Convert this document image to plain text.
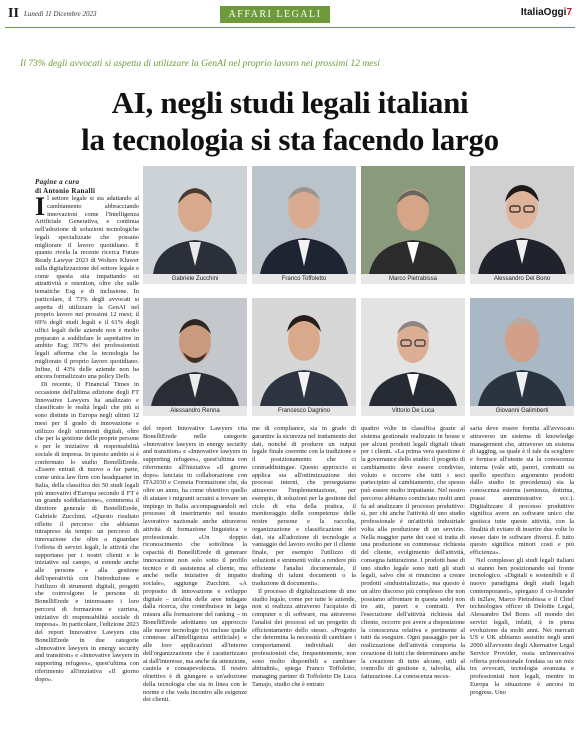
II Lunedì 11 Dicembre 2023	AFFARI LEGALI	ItaliaOggi7
Il 73% degli avvocati si aspetta di utilizzare la GenAI nel proprio lavoro nei prossimi 12 mesi
AI, negli studi legali italiani
la tecnologia si sta facendo largo
Pagine a cura
di Antonio Ranalli

Il settore legale si sta adattando al cambiamento abbracciando innovazioni come l'Intelligenza Artificiale Generativa, e continua nell'adozione di soluzioni tecnologiche legali specializzate che possano migliorare il lavoro quotidiano. È quanto rivela la recente ricerca Future Ready Lawyer 2023 di Wolters Kluwer sulla digitalizzazione del settore legale e come questa stia impattando su attrattività e retention, oltre che sulle tematiche Esg e di inclusione. In particolare, il 73% degli avvocati si aspetta di utilizzare la GenAI nel proprio lavoro nei prossimi 12 mesi; il 69% degli studi legali e il 61% degli uffici legali delle aziende non è molto preparato a soddisfare le aspettative in ambito Esg; l'87% dei professionisti legali afferma che la tecnologia ha migliorato il proprio lavoro quotidiano. Infine, il 43% delle aziende non ha ancora formalizzato una policy DeIb.

Di recente, il Financial Times in occasione dell'ultima edizione degli FT Innovative Lawyers ha analizzato e classificato le realtà legali che più si sono distinte in Europa negli ultimi 12 mesi per il grado di innovazione e utilizzo degli strumenti digitali, oltre che per la gestione delle proprie persone e per le iniziative di responsabilità sociale di impresa. In questo ambito si è confermato lo studio BonelliErede. «Essere entrati di nuovo a far parte, come unica law firm con headquarter in Italia, della classifica dei 50 studi legali più innovativi d'Europa secondo il FT è un grande soddisfazione», commenta il direttore generale di BonelliErede, Gabriele Zucchini. «Questo risultato riflette il percorso che abbiamo intrapreso da tempo: un percorso di innovazione che oltre a riguardare l'offerta di servizi legali, le attività che supportano per i nostri clienti e le iniziative sul campo, si estende anche alle persone e alla gestione dell'operatività con l'introduzione e l'utilizzo di strumenti digitali, progetti che coinvolgono le persone di BonelliErede e interessano i loro percorsi di formazione e carriera, iniziative di responsabilità sociale di impresa». In particolare, l'edizione 2023 del report Innovative Lawyers cita BonelliErede in due categorie «Innovative lawyers in energy security and transition» e «Innovative lawyers in supporting refugees», quest'ultima con riferimento all'iniziativa «Il giorno dopo».

Gabriele Zucchini	Franco Toffoletto	Marco Pietrabissa	Alessandro Del Bono
Alessandro Renna	Francesco Dagnino	Vittorio De Luca	Giovanni Galimberti

del report Innovative Lawyers cita BonelliErede nelle categorie «Innovative lawyers in energy security and transition» e «Innovative lawyers in supporting refugees», quest'ultima con riferimento all'iniziativa «Il giorno dopo» lanciata in collaborazione con ITA2030 e Cometa Formazione che, da oltre un anno, ha come obiettivo quello di aiutare i migranti ucraini a trovare un impiego in Italia accompagnandoli nel processo di inserimento nel tessuto lavorativo nazionale anche attraverso attività di formazione linguistica e professionale. «Un doppio riconoscimento che sottolinea la capacità di BonelliErede di generare innovazione non solo sotto il profilo tecnico e di assistenza al cliente, ma anche nelle iniziative di impatto sociale», aggiunge Zucchini. «A proposito di innovazione e sviluppo digitale – un'altra delle aree indagate dalla ricerca, che contribuisce in larga misura alla formazione del ranking – in BonelliErede adottiamo un approccio alle nuove tecnologie (vi incluse quelle connesse all'intelligenza artificiale) e alle loro applicazioni all'interno dell'organizzazione che è caratterizzato ai dall'interesse, ma anche da attenzione, cautela e consapevolezza. Il nostro obiettivo è di giungere a un'adozione della tecnologia che sia in linea con le norme e che vada incontro alle esigenze dei clienti.

me di compliance, sia in grado di garantire la sicurezza nel trattamento dei dati, nonché di produrre un output legale finale coerente con la tradizione e il posizionamento che ci contraddistingue. Questo approccio si applica sia all'ottimizzazione dei processi interni, che perseguiamo attraverso l'implementazione, per esempio, di soluzioni per la gestione del ciclo di vita della pratica, il monitoraggio delle competenze delle nostre persone e la raccolta, organizzazione e classificazione dei dati, sia all'adozione di tecnologie a vantaggio del lavoro svolto per il cliente finale, per esempio l'utilizzo di soluzioni e strumenti volte a rendere più efficiente l'analisi documentale, il drafting di taluni documenti o la traduzione di documenti».

Il processo di digitalizzazione di uno studio legale, come per tutte le aziende, non si realizza attraverso l'acquisto di computer e di software, ma attraverso l'analisi dei processi ed un progetto di efficientamento dello stesso. «Progetto che determina la necessità di cambiare i comportamenti individuali dei professionisti che, frequentemente, non sono molto disponibili a cambiare abitudini», spiega Franco Toffoletto, managing partner di Toffoletto De Luca Tamajo, studio che è entrato

quattro volte in classifica grazie al sistema gestionale realizzato in house e per alcuni prodotti legali digitali ideati per i clienti. «La prima vera questione è la governance dello studio: il progetto di cambiamento deve essere condiviso, voluto e occorre che tutti i soci partecipino al cambiamento, che spesso può essere molto impattante. Nel nostro percorso abbiamo cominciato molti anni fa ad analizzare il processo produttivo: sì, per chi anche l'attività di uno studio professionale è un'attività industriale volta alla produzione di un servizio. Nella maggior parte dei casi si tratta di una produzione su commessa: richiesta del cliente, svolgimento dell'attività, consegna fatturazione. I prodotti base di uno studio legale sono tutti gli studi legali, salvo che si rinuncino a creare prodotti «industrializzati», ma questo è un altro discorso più complesso che non possiamo affrontare in questa sede) non tre atti, pareri e contratti. Per l'esecuzione dell'attività richiesta dal cliente, occorre poi avere a disposizione la conoscenza relativa e pertinente al tutti da eseguire. Ogni passaggio per la realizzazione dell'attività comporta la creazione di tutti che determinano anche la creazione di tutto alcune, utili al controllo di gestione e, talvolta, alla fatturazione. La conoscenza neces-

saria deve essere fornita all'avvocato attraverso un sistema di knowledge management che, attraverso un sistema di tagging, sa quale è il tale da scegliere e fornisce all'utente sia la conoscenza interna (vale atti, pareri, contratti su quello specifico argomento prodotti dallo studio in precedenza) sia la conoscenza esterna (sentenza, dottrina, prassi amministrative ecc.). Digitalizzare il processo produttivo significa avere un software unico che gestisca tutte queste attività, con la finalità di evitare di inserire due volte lo stesso dato in software diversi. È tutto questo significa minori costi e più efficienza».

Nel complesso gli studi legali italiani si stanno ben posizionando sul fronte tecnologico. «Digitali e sostenibili e il nuovo paradigma degli studi legali contemporanei», spiegano il co-founder di in2law, Marco Pietrabissa e il Chief technologies officer di Deloitte Legal, Alessandro Del Bono. «Il mondo dei servizi legali, infatti, è in piena evoluzione da molti anni. Nei mercati US e UK abbiamo assistito negli anni 2000 all'avvento degli Alternative Legal Service Provider, ossia un'innovativa offerta professionale fondata su un mix tra avvocati, tecnologia avanzata e professionisti non legali, mentre in Europa la situazione è ancora in progress. Uno
